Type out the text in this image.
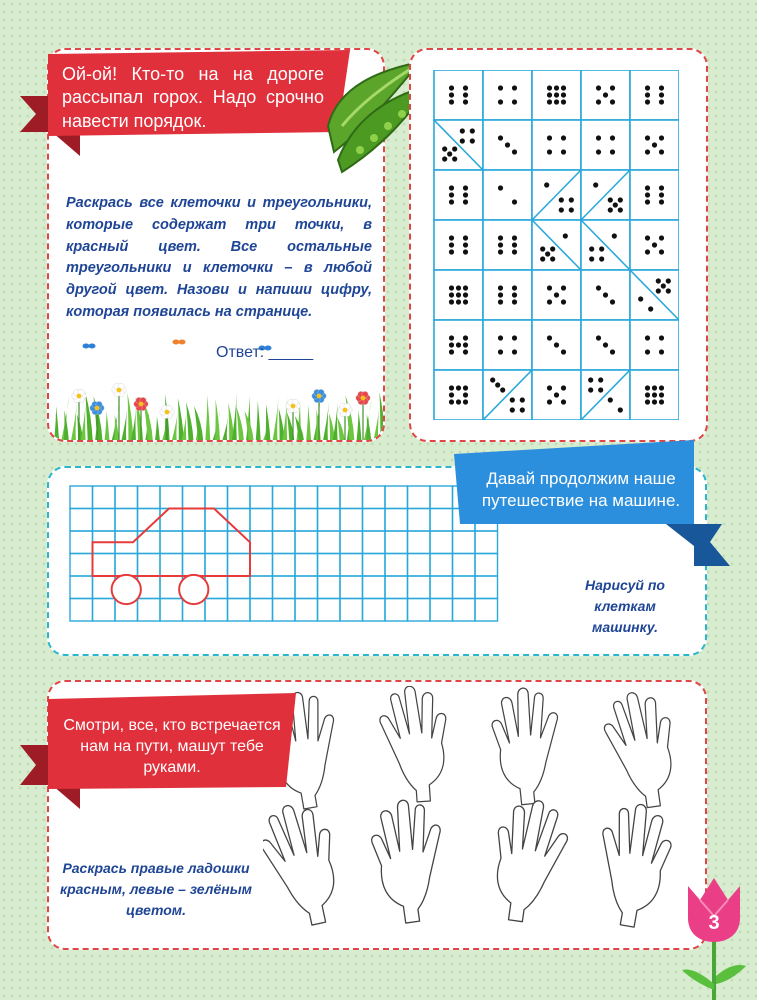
Ой-ой! Кто-то на на дороге рассыпал горох. Надо срочно навести порядок.
Раскрась все клеточки и треугольники, которые содержат три точки, в красный цвет. Все остальные треугольники и клеточки – в любой другой цвет. Назови и напиши цифру, которая появилась на странице.
Ответ: _____
Давай продолжим наше путешествие на машине.
Нарисуй по клеткам машинку.
Смотри, все, кто встречается нам на пути, машут тебе руками.
Раскрась правые ладошки красным, левые – зелёным цветом.
3
